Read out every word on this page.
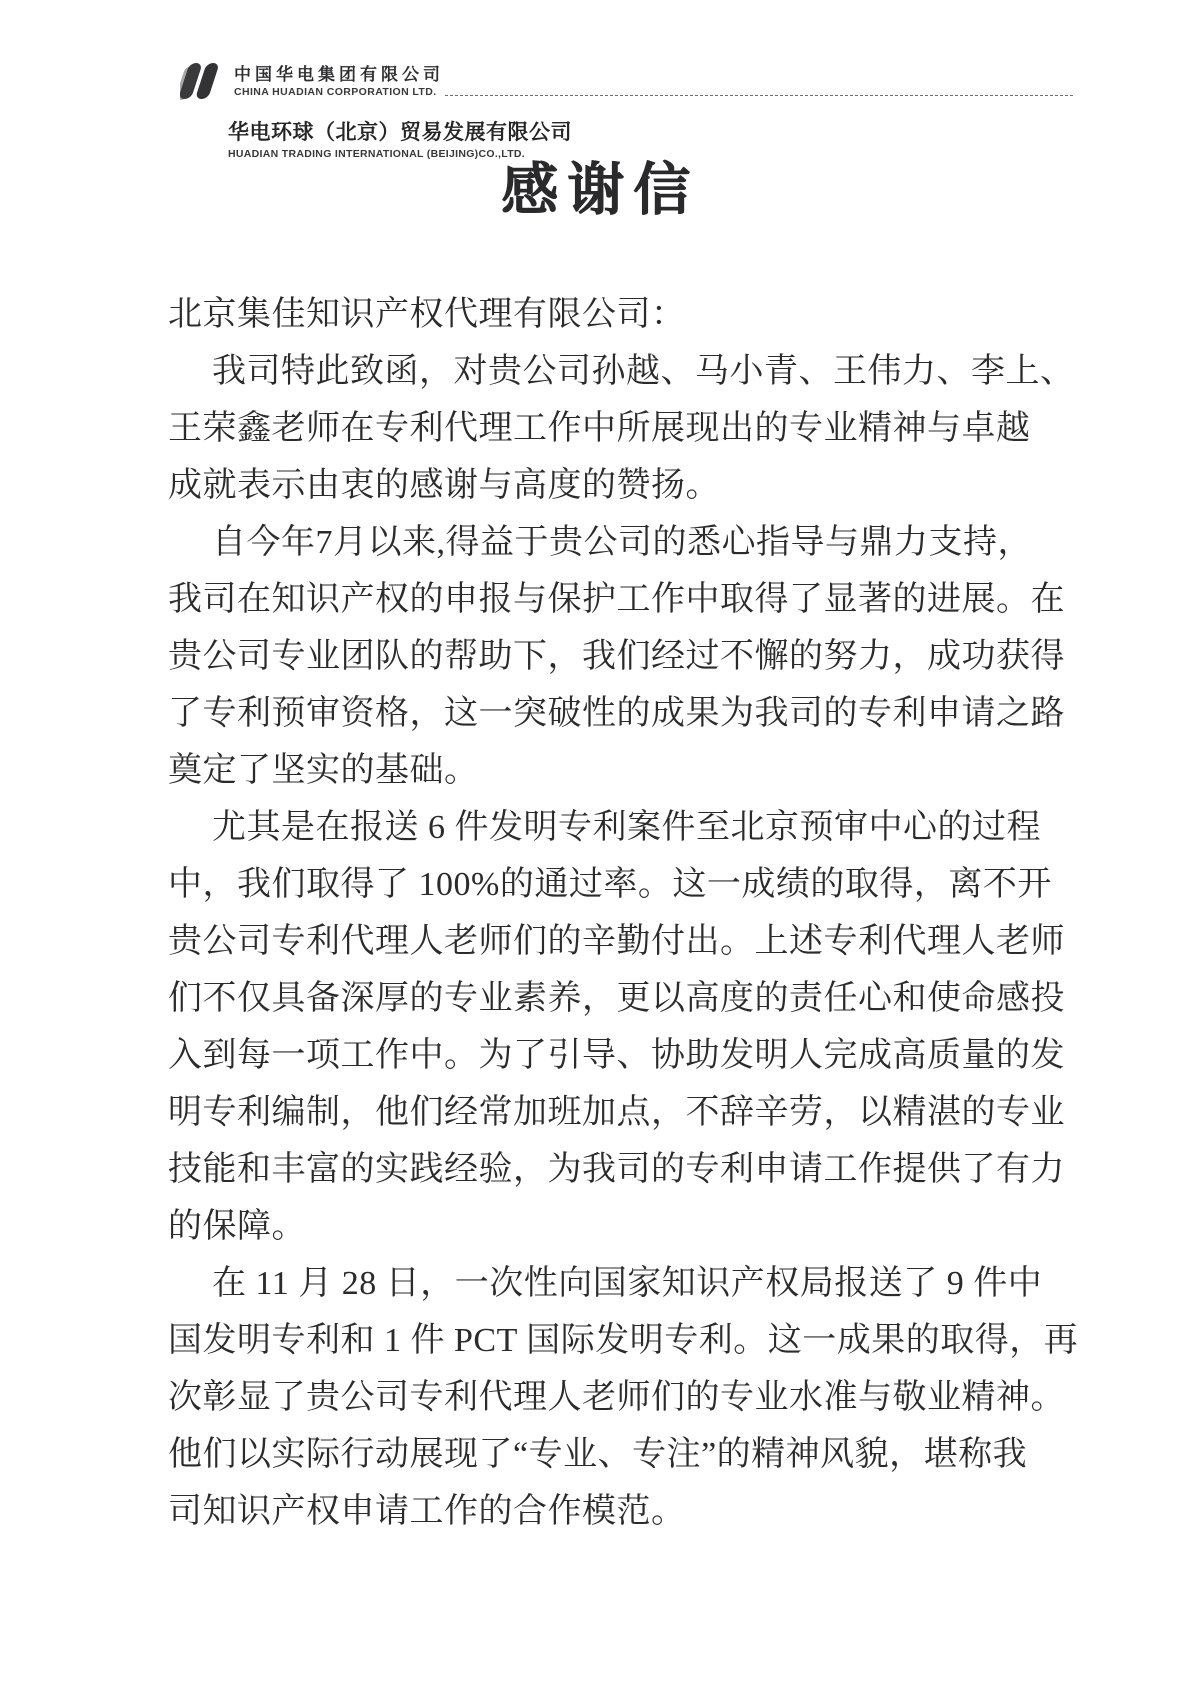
中国华电集团有限公司
CHINA HUADIAN CORPORATION LTD.
华电环球（北京）贸易发展有限公司
HUADIAN TRADING INTERNATIONAL (BEIJING)CO.,LTD.
感谢信
北京集佳知识产权代理有限公司：
我司特此致函，对贵公司孙越、马小青、王伟力、李上、
王荣鑫老师在专利代理工作中所展现出的专业精神与卓越
成就表示由衷的感谢与高度的赞扬。
自今年7月以来,得益于贵公司的悉心指导与鼎力支持，
我司在知识产权的申报与保护工作中取得了显著的进展。在
贵公司专业团队的帮助下，我们经过不懈的努力，成功获得
了专利预审资格，这一突破性的成果为我司的专利申请之路
奠定了坚实的基础。
尤其是在报送 6 件发明专利案件至北京预审中心的过程
中，我们取得了 100%的通过率。这一成绩的取得，离不开
贵公司专利代理人老师们的辛勤付出。上述专利代理人老师
们不仅具备深厚的专业素养，更以高度的责任心和使命感投
入到每一项工作中。为了引导、协助发明人完成高质量的发
明专利编制，他们经常加班加点，不辞辛劳，以精湛的专业
技能和丰富的实践经验，为我司的专利申请工作提供了有力
的保障。
在 11 月 28 日，一次性向国家知识产权局报送了 9 件中
国发明专利和 1 件 PCT 国际发明专利。这一成果的取得，再
次彰显了贵公司专利代理人老师们的专业水准与敬业精神。
他们以实际行动展现了“专业、专注”的精神风貌，堪称我
司知识产权申请工作的合作模范。
